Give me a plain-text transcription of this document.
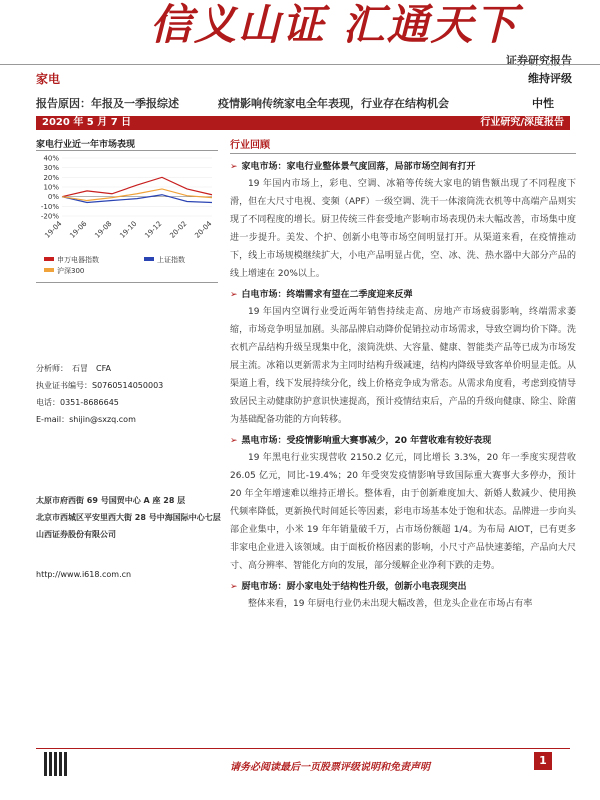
信义山证 汇通天下
证券研究报告
家电	维持评级
报告原因：年报及一季报综述	疫情影响传统家电全年表现，行业存在结构机会	中性
2020 年 5 月 7 日	行业研究/深度报告
家电行业近一年市场表现
40%
30%
20%
10%
0%
-10%
-20%
19-04 19-06 19-08 19-10 19-12 20-02 20-04
申万电器指数	上证指数
沪深300
分析师：　石冒　CFA
执业证书编号：S0760514050003
电话：0351-8686645
E-mail：shijin@sxzq.com
太原市府西街 69 号国贸中心 A 座 28 层
北京市西城区平安里西大街 28 号中海国际中心七层
山西证券股份有限公司
http://www.i618.com.cn
行业回顾
➢ 家电市场：家电行业整体景气度回落，局部市场空间有打开

19 年国内市场上，彩电、空调、冰箱等传统大家电的销售额出现了不同程度下滑，但在大尺寸电视、变频（APF）一级空调、洗干一体滚筒洗衣机等中高端产品则实现了不同程度的增长。厨卫传统三件套受地产影响市场表现仍未大幅改善，市场集中度进一步提升。美发、个护、创新小电等市场空间明显打开。从渠道来看，在疫情推动下，线上市场规模继续扩大，小电产品明显占优，空、冰、洗、热水器中大部分产品的线上增速在 20%以上。

➢ 白电市场：终端需求有望在二季度迎来反弹

19 年国内空调行业受近两年销售持续走高、房地产市场疲弱影响，终端需求萎缩，市场竞争明显加剧。头部品牌启动降价促销拉动市场需求，导致空调均价下降。洗衣机产品结构升级呈现集中化，滚筒洗烘、大容量、健康、智能类产品等已成为市场发展主流。冰箱以更新需求为主同时结构升级减速，结构内降级导致客单价明显走低。从渠道上看，线下发展持续分化，线上价格竞争成为常态。从需求角度看，考虑到疫情导致居民主动健康防护意识快速提高，预计疫情结束后，产品的升级向健康、除尘、除菌为基础配备功能的方向转移。

➢ 黑电市场：受疫情影响重大赛事减少，20 年营收难有较好表现

19 年黑电行业实现营收 2150.2 亿元，同比增长 3.3%，20 年一季度实现营收 26.05 亿元，同比-19.4%；20 年受突发疫情影响导致国际重大赛事大多停办，预计 20 年全年增速难以维持正增长。整体看，由于创新难度加大、新婚人数减少、使用换代频率降低，更新换代时间延长等因素，彩电市场基本处于饱和状态。品牌进一步向头部企业集中，小米 19 年年销量破千万，占市场份额超 1/4。为布局 AIOT，已有更多非家电企业进入该领域。由于面板价格因素的影响，小尺寸产品快速萎缩，产品向大尺寸、高分辨率、智能化方向的发展，部分缓解企业净利下跌的走势。

➢ 厨电市场：厨小家电处于结构性升级，创新小电表现突出

整体来看，19 年厨电行业仍未出现大幅改善，但龙头企业在市场占有率

请务必阅读最后一页股票评级说明和免责声明
1
